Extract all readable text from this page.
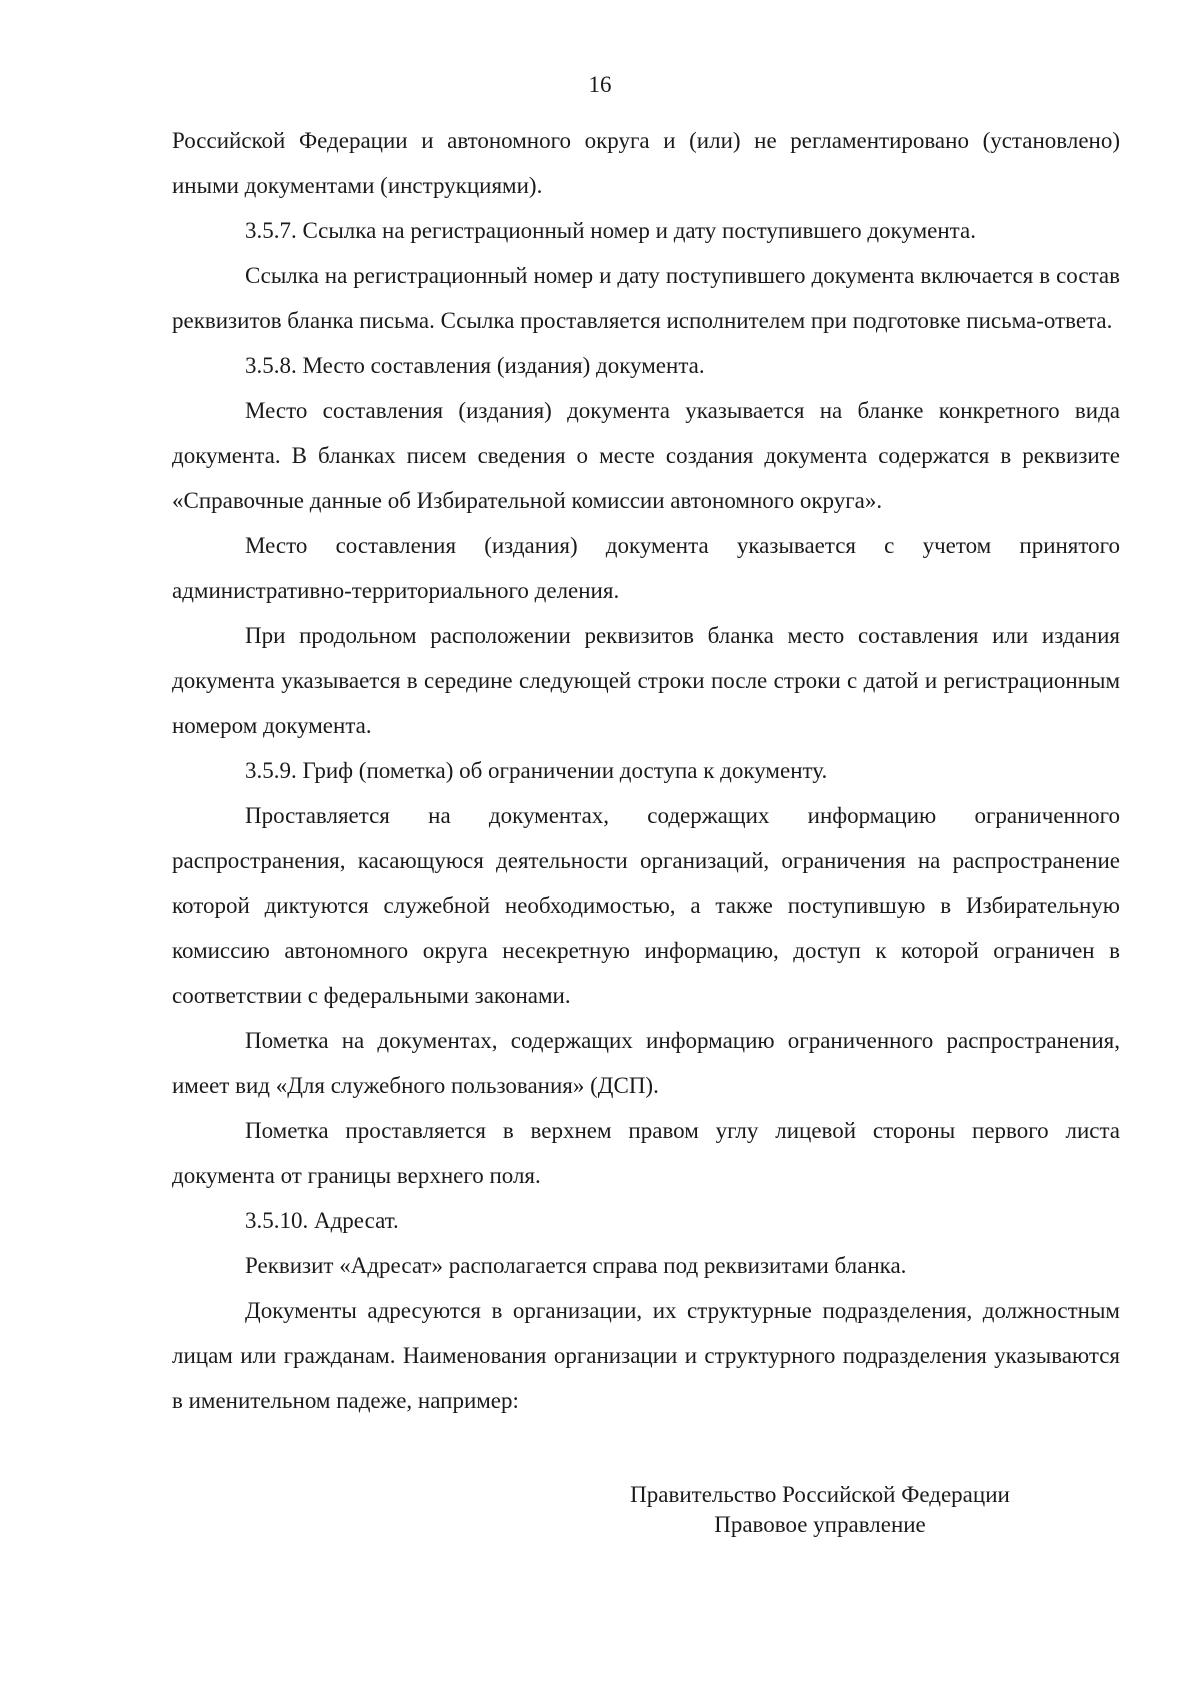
16

Российской Федерации и автономного округа и (или) не регламентировано (установлено) иными документами (инструкциями).

3.5.7. Ссылка на регистрационный номер и дату поступившего документа.

Ссылка на регистрационный номер и дату поступившего документа включается в состав реквизитов бланка письма. Ссылка проставляется исполнителем при подготовке письма-ответа.

3.5.8. Место составления (издания) документа.

Место составления (издания) документа указывается на бланке конкретного вида документа. В бланках писем сведения о месте создания документа содержатся в реквизите «Справочные данные об Избирательной комиссии автономного округа».

Место составления (издания) документа указывается с учетом принятого административно-территориального деления.

При продольном расположении реквизитов бланка место составления или издания документа указывается в середине следующей строки после строки с датой и регистрационным номером документа.

3.5.9. Гриф (пометка) об ограничении доступа к документу.

Проставляется на документах, содержащих информацию ограниченного распространения, касающуюся деятельности организаций, ограничения на распространение которой диктуются служебной необходимостью, а также поступившую в Избирательную комиссию автономного округа несекретную информацию, доступ к которой ограничен в соответствии с федеральными законами.

Пометка на документах, содержащих информацию ограниченного распространения, имеет вид «Для служебного пользования» (ДСП).

Пометка проставляется в верхнем правом углу лицевой стороны первого листа документа от границы верхнего поля.

3.5.10. Адресат.

Реквизит «Адресат» располагается справа под реквизитами бланка.

Документы адресуются в организации, их структурные подразделения, должностным лицам или гражданам. Наименования организации и структурного подразделения указываются в именительном падеже, например:

Правительство Российской Федерации
Правовое управление
